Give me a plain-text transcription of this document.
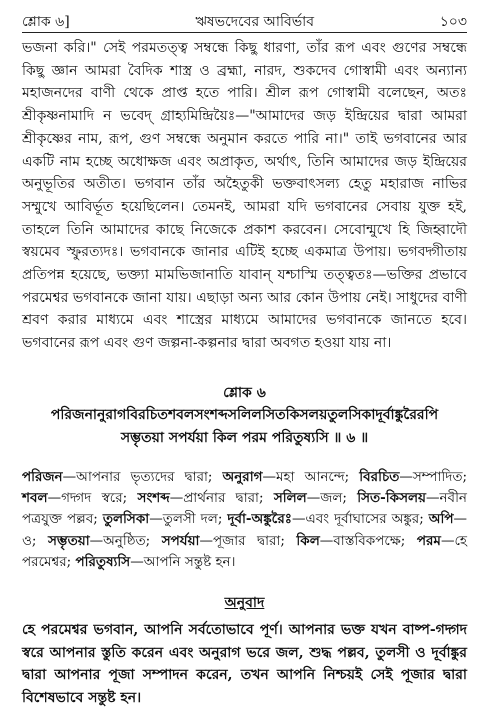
শ্লোক ৬]	ঋষভদেবের আবির্ভাব	১০৩

ভজনা করি।" সেই পরমতত্ত্ব সম্বন্ধে কিছু ধারণা, তাঁর রূপ এবং গুণের সম্বন্ধে কিছু জ্ঞান আমরা বৈদিক শাস্ত্র ও ব্রহ্মা, নারদ, শুকদেব গোস্বামী এবং অন্যান্য মহাজনদের বাণী থেকে প্রাপ্ত হতে পারি। শ্রীল রূপ গোস্বামী বলেছেন, অতঃ শ্রীকৃষ্ণনামাদি ন ভবেদ্ গ্রাহ্যমিন্দ্রিয়ৈঃ—"আমাদের জড় ইন্দ্রিয়ের দ্বারা আমরা শ্রীকৃষ্ণের নাম, রূপ, গুণ সম্বন্ধে অনুমান করতে পারি না।" তাই ভগবানের আর একটি নাম হচ্ছে অধোক্ষজ এবং অপ্রাকৃত, অর্থাৎ, তিনি আমাদের জড় ইন্দ্রিয়ের অনুভূতির অতীত। ভগবান তাঁর অহৈতুকী ভক্তবাৎসল্য হেতু মহারাজ নাভির সম্মুখে আবির্ভূত হয়েছিলেন। তেমনই, আমরা যদি ভগবানের সেবায় যুক্ত হই, তাহলে তিনি আমাদের কাছে নিজেকে প্রকাশ করবেন। সেবোন্মুখে হি জিহ্বাদৌ স্বয়মেব স্ফুরত্যদঃ। ভগবানকে জানার এটিই হচ্ছে একমাত্র উপায়। ভগবদ্গীতায় প্রতিপন্ন হয়েছে, ভক্ত্যা মামভিজানাতি যাবান্ যশ্চাস্মি তত্ত্বতঃ—ভক্তির প্রভাবে পরমেশ্বর ভগবানকে জানা যায়। এছাড়া অন্য আর কোন উপায় নেই। সাধুদের বাণী শ্রবণ করার মাধ্যমে এবং শাস্ত্রের মাধ্যমে আমাদের ভগবানকে জানতে হবে। ভগবানের রূপ এবং গুণ জল্পনা-কল্পনার দ্বারা অবগত হওয়া যায় না।

শ্লোক ৬
পরিজনানুরাগবিরচিতশবলসংশব্দসলিলসিতকিসলয়তুলসিকাদূর্বাঙ্কুরৈরপি
সম্ভৃতয়া সপর্যয়া কিল পরম পরিতুষ্যসি ॥ ৬ ॥
পরিজন—আপনার ভৃত্যদের দ্বারা; অনুরাগ—মহা আনন্দে; বিরচিত—সম্পাদিত; শবল—গদ্গদ স্বরে; সংশব্দ—প্রার্থনার দ্বারা; সলিল—জল; সিত-কিসলয়—নবীন পত্রযুক্ত পল্লব; তুলসিকা—তুলসী দল; দূর্বা-অঙ্কুরৈঃ—এবং দূর্বাঘাসের অঙ্কুর; অপি—ও; সম্ভৃতয়া—অনুষ্ঠিত; সপর্যয়া—পূজার দ্বারা; কিল—বাস্তবিকপক্ষে; পরম—হে পরমেশ্বর; পরিতুষ্যসি—আপনি সন্তুষ্ট হন।
অনুবাদ
হে পরমেশ্বর ভগবান, আপনি সর্বতোভাবে পূর্ণ। আপনার ভক্ত যখন বাষ্প-গদ্গদ স্বরে আপনার স্তুতি করেন এবং অনুরাগ ভরে জল, শুদ্ধ পল্লব, তুলসী ও দূর্বাঙ্কুর দ্বারা আপনার পূজা সম্পাদন করেন, তখন আপনি নিশ্চয়ই সেই পূজার দ্বারা বিশেষভাবে সন্তুষ্ট হন।
